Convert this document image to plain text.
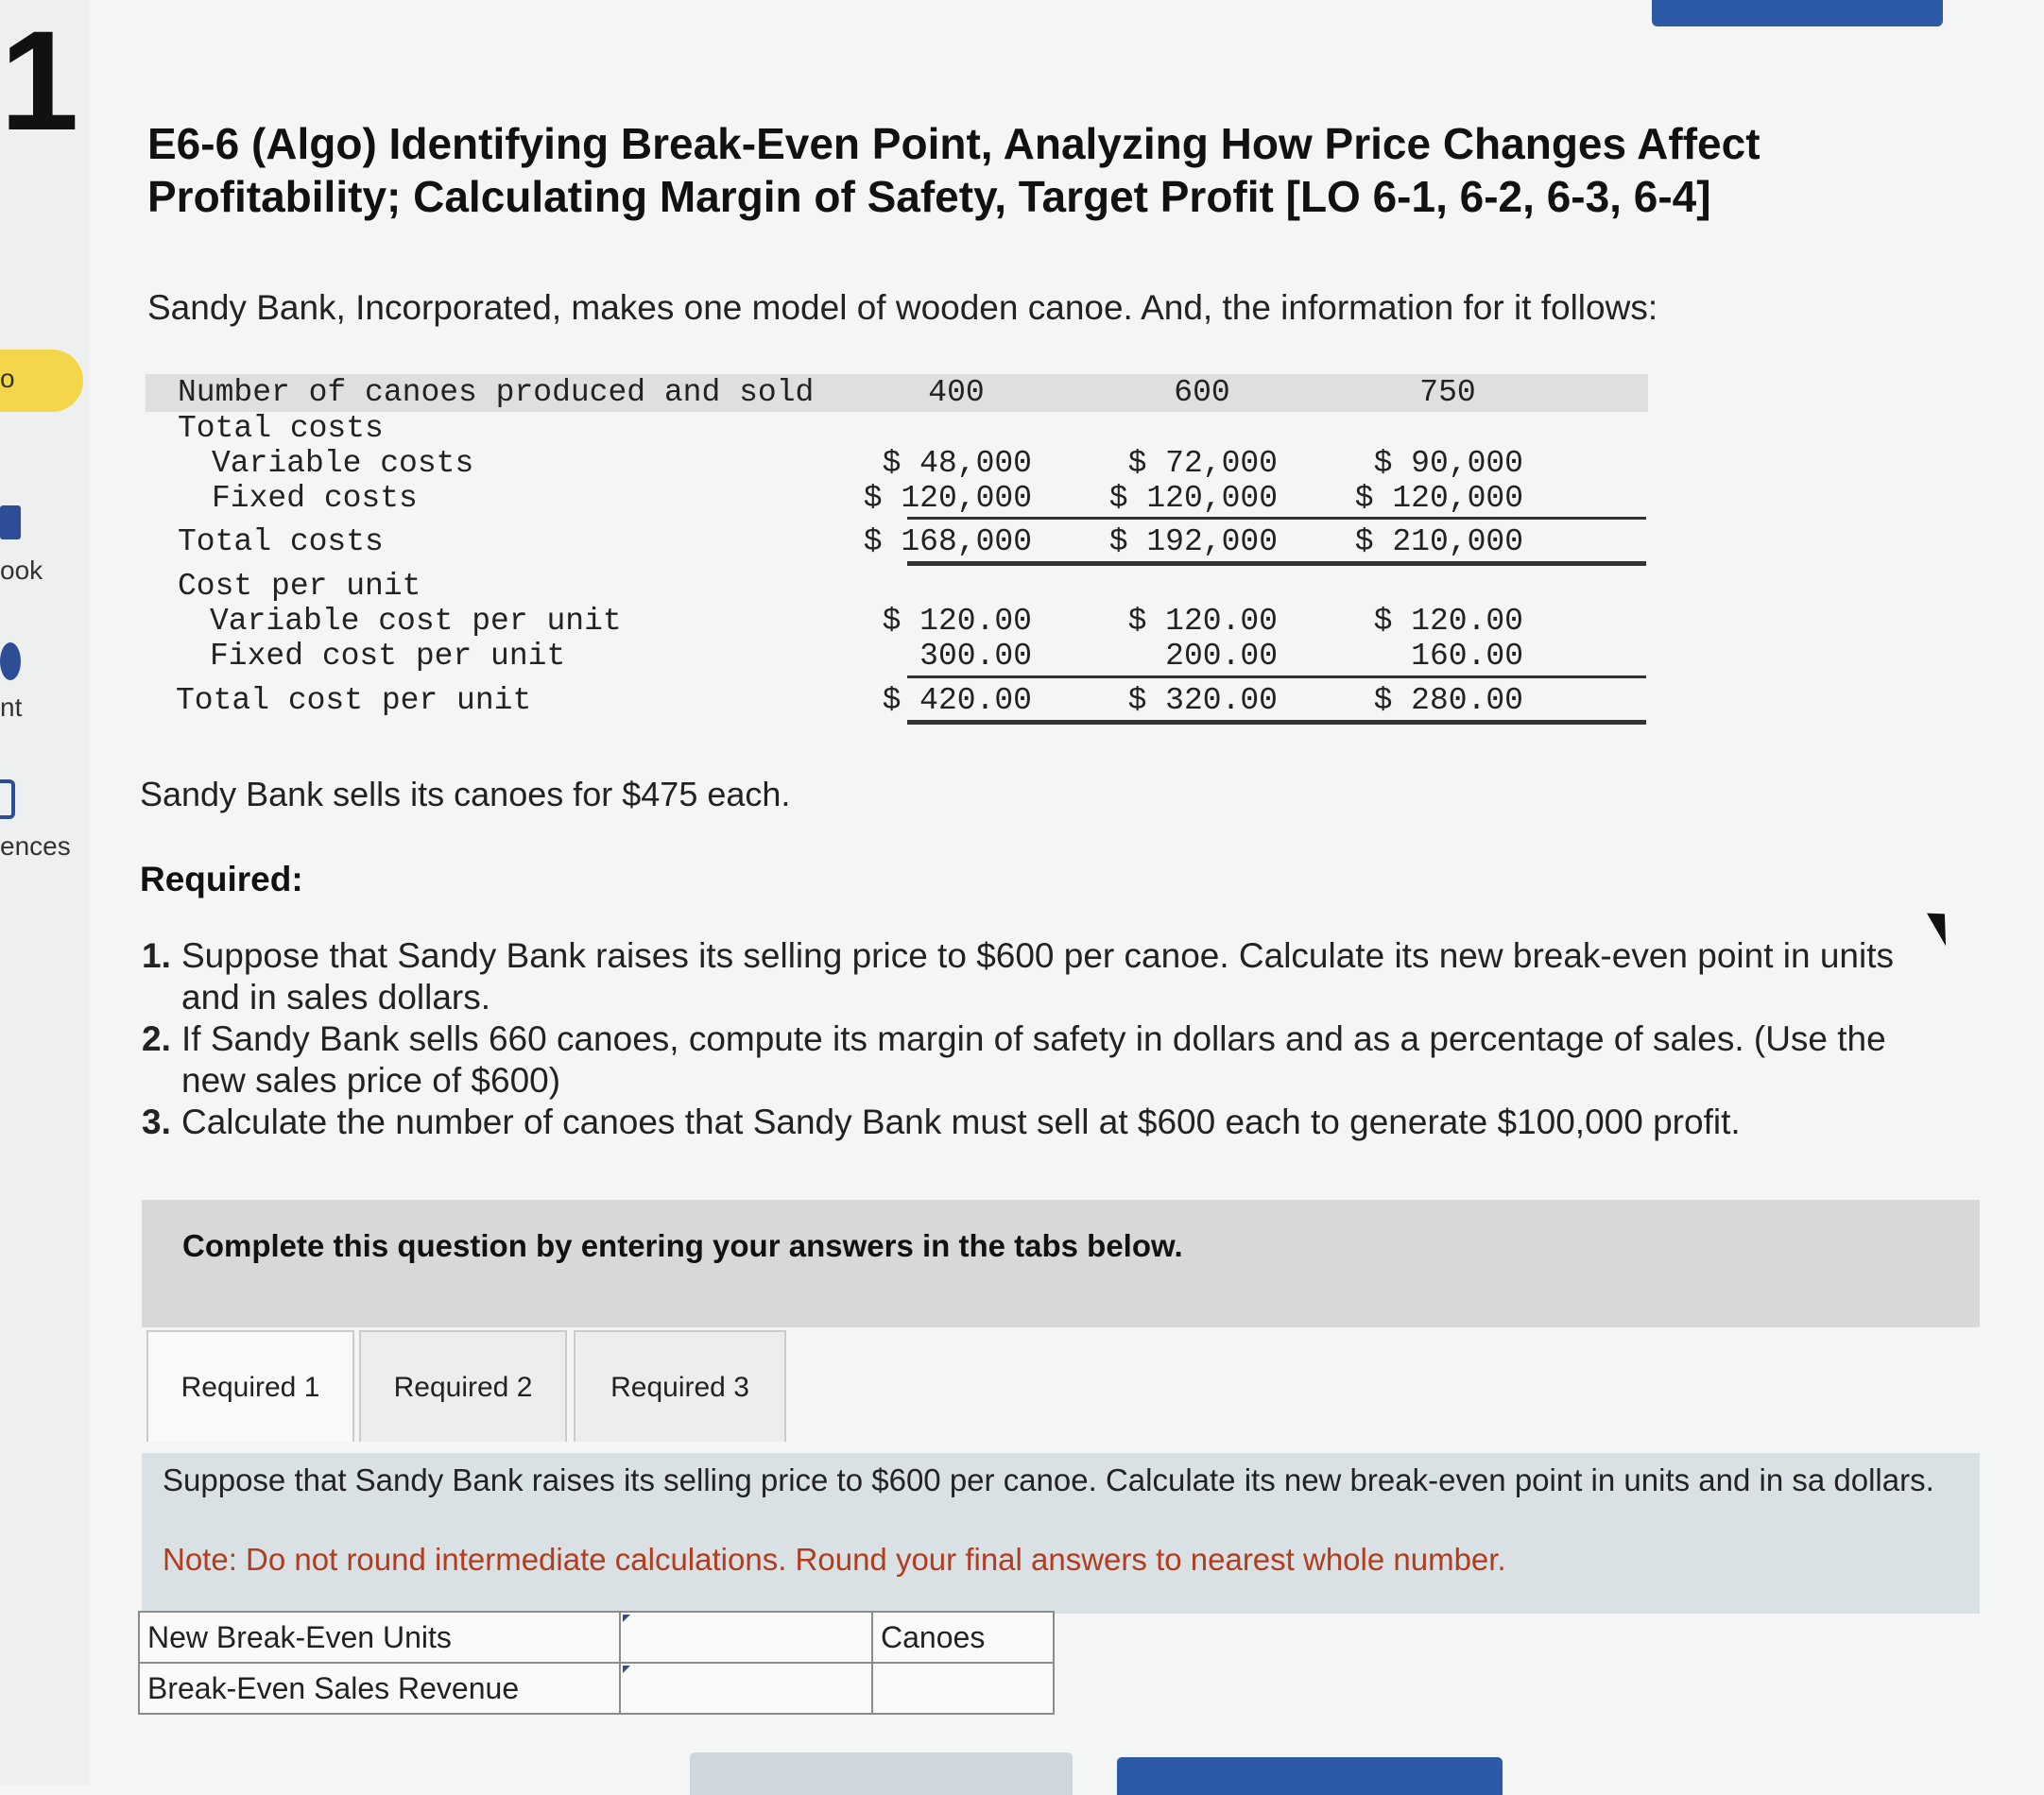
1
o
ook
nt
ences
E6-6 (Algo) Identifying Break-Even Point, Analyzing How Price Changes Affect Profitability; Calculating Margin of Safety, Target Profit [LO 6-1, 6-2, 6-3, 6-4]
Sandy Bank, Incorporated, makes one model of wooden canoe. And, the information for it follows:
Number of canoes produced and sold	400	600	750
Total costs
Variable costs	$ 48,000	$ 72,000	$ 90,000
Fixed costs	$ 120,000	$ 120,000	$ 120,000
Total costs	$ 168,000	$ 192,000	$ 210,000
Cost per unit
Variable cost per unit	$ 120.00	$ 120.00	$ 120.00
Fixed cost per unit	300.00	200.00	160.00
Total cost per unit	$ 420.00	$ 320.00	$ 280.00
Sandy Bank sells its canoes for $475 each.
Required:
1. Suppose that Sandy Bank raises its selling price to $600 per canoe. Calculate its new break-even point in units and in sales dollars.
2. If Sandy Bank sells 660 canoes, compute its margin of safety in dollars and as a percentage of sales. (Use the new sales price of $600)
3. Calculate the number of canoes that Sandy Bank must sell at $600 each to generate $100,000 profit.
Complete this question by entering your answers in the tabs below.
Required 1	Required 2	Required 3
Suppose that Sandy Bank raises its selling price to $600 per canoe. Calculate its new break-even point in units and in sa dollars.
Note: Do not round intermediate calculations. Round your final answers to nearest whole number.
New Break-Even Units		Canoes
Break-Even Sales Revenue	
